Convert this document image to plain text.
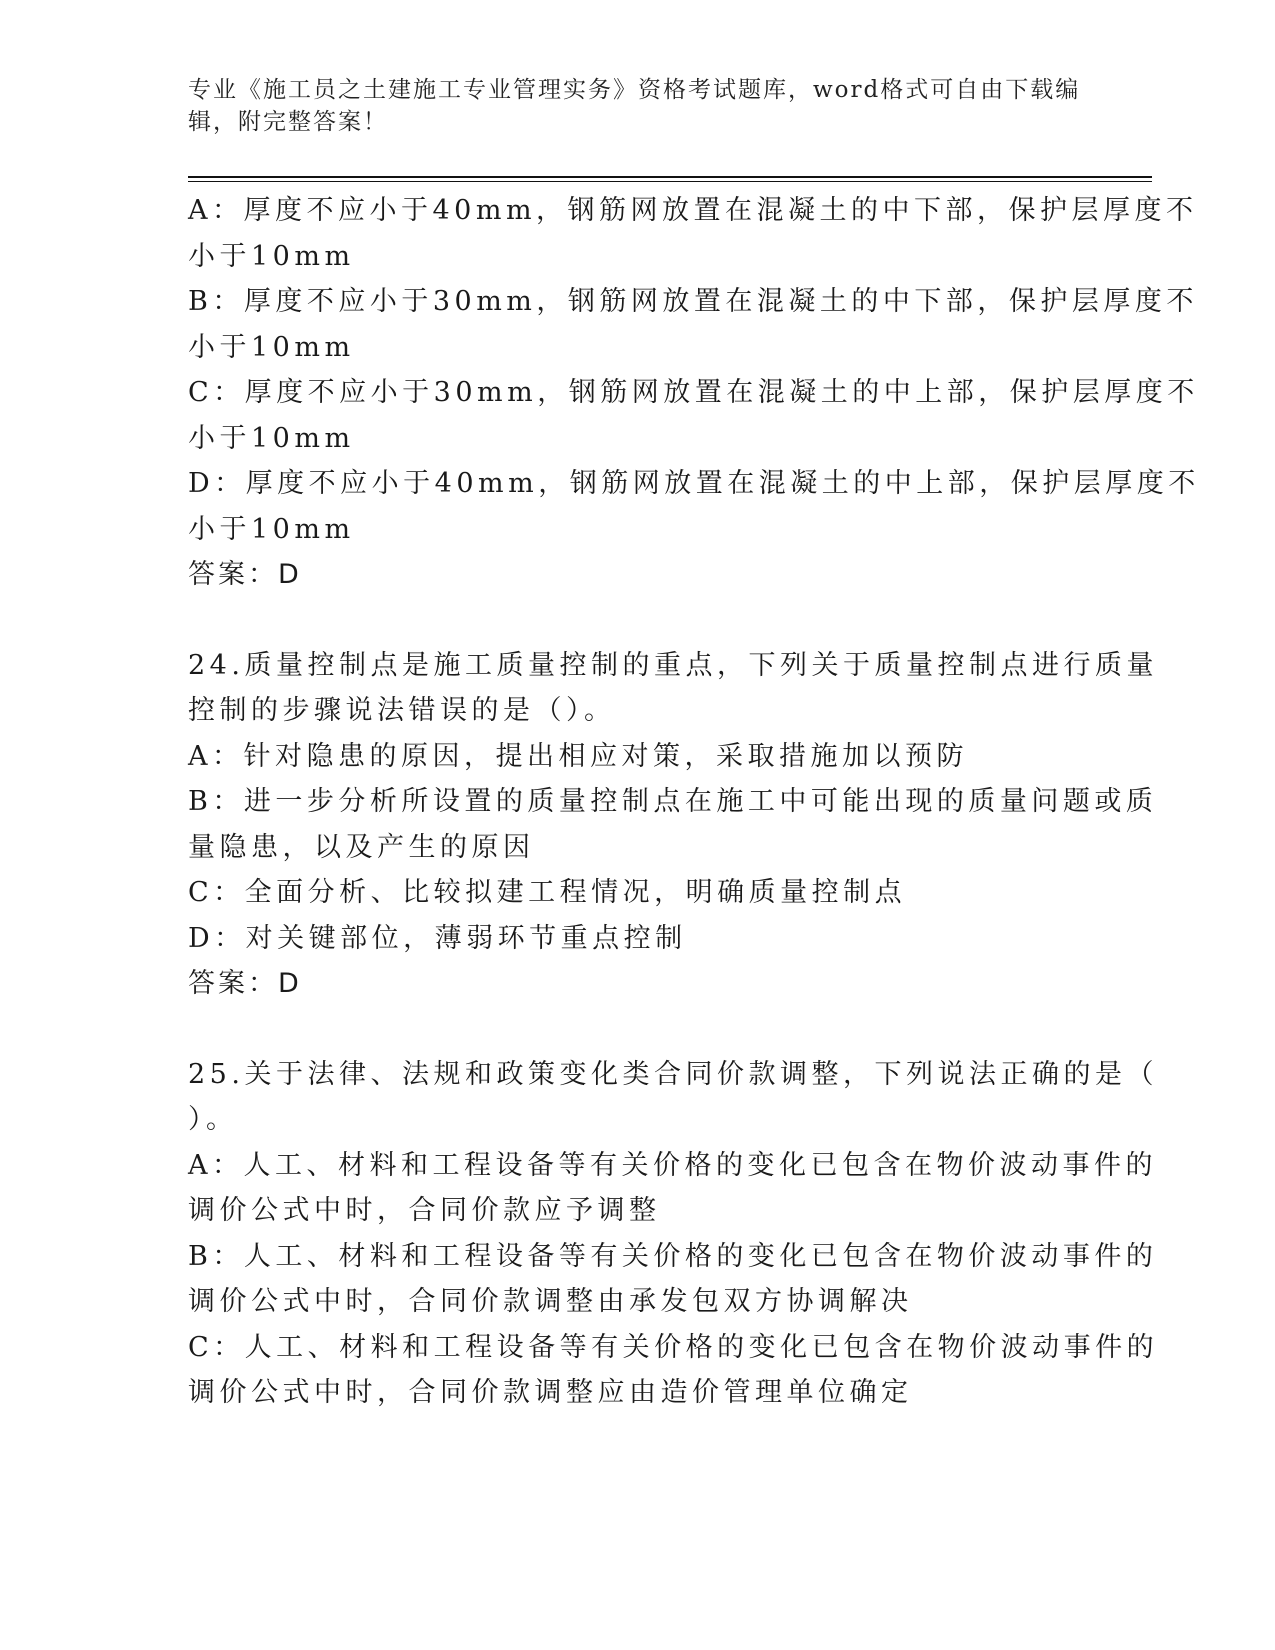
专业《施工员之土建施工专业管理实务》资格考试题库，word格式可自由下载编
辑，附完整答案！
A：厚度不应小于40mm，钢筋网放置在混凝土的中下部，保护层厚度不
小于10mm
B：厚度不应小于30mm，钢筋网放置在混凝土的中下部，保护层厚度不
小于10mm
C：厚度不应小于30mm，钢筋网放置在混凝土的中上部，保护层厚度不
小于10mm
D：厚度不应小于40mm，钢筋网放置在混凝土的中上部，保护层厚度不
小于10mm
答案：D
24.质量控制点是施工质量控制的重点，下列关于质量控制点进行质量
控制的步骤说法错误的是（）。
A：针对隐患的原因，提出相应对策，采取措施加以预防
B：进一步分析所设置的质量控制点在施工中可能出现的质量问题或质
量隐患，以及产生的原因
C：全面分析、比较拟建工程情况，明确质量控制点
D：对关键部位，薄弱环节重点控制
答案：D
25.关于法律、法规和政策变化类合同价款调整，下列说法正确的是（
）。
A：人工、材料和工程设备等有关价格的变化已包含在物价波动事件的
调价公式中时，合同价款应予调整
B：人工、材料和工程设备等有关价格的变化已包含在物价波动事件的
调价公式中时，合同价款调整由承发包双方协调解决
C：人工、材料和工程设备等有关价格的变化已包含在物价波动事件的
调价公式中时，合同价款调整应由造价管理单位确定
